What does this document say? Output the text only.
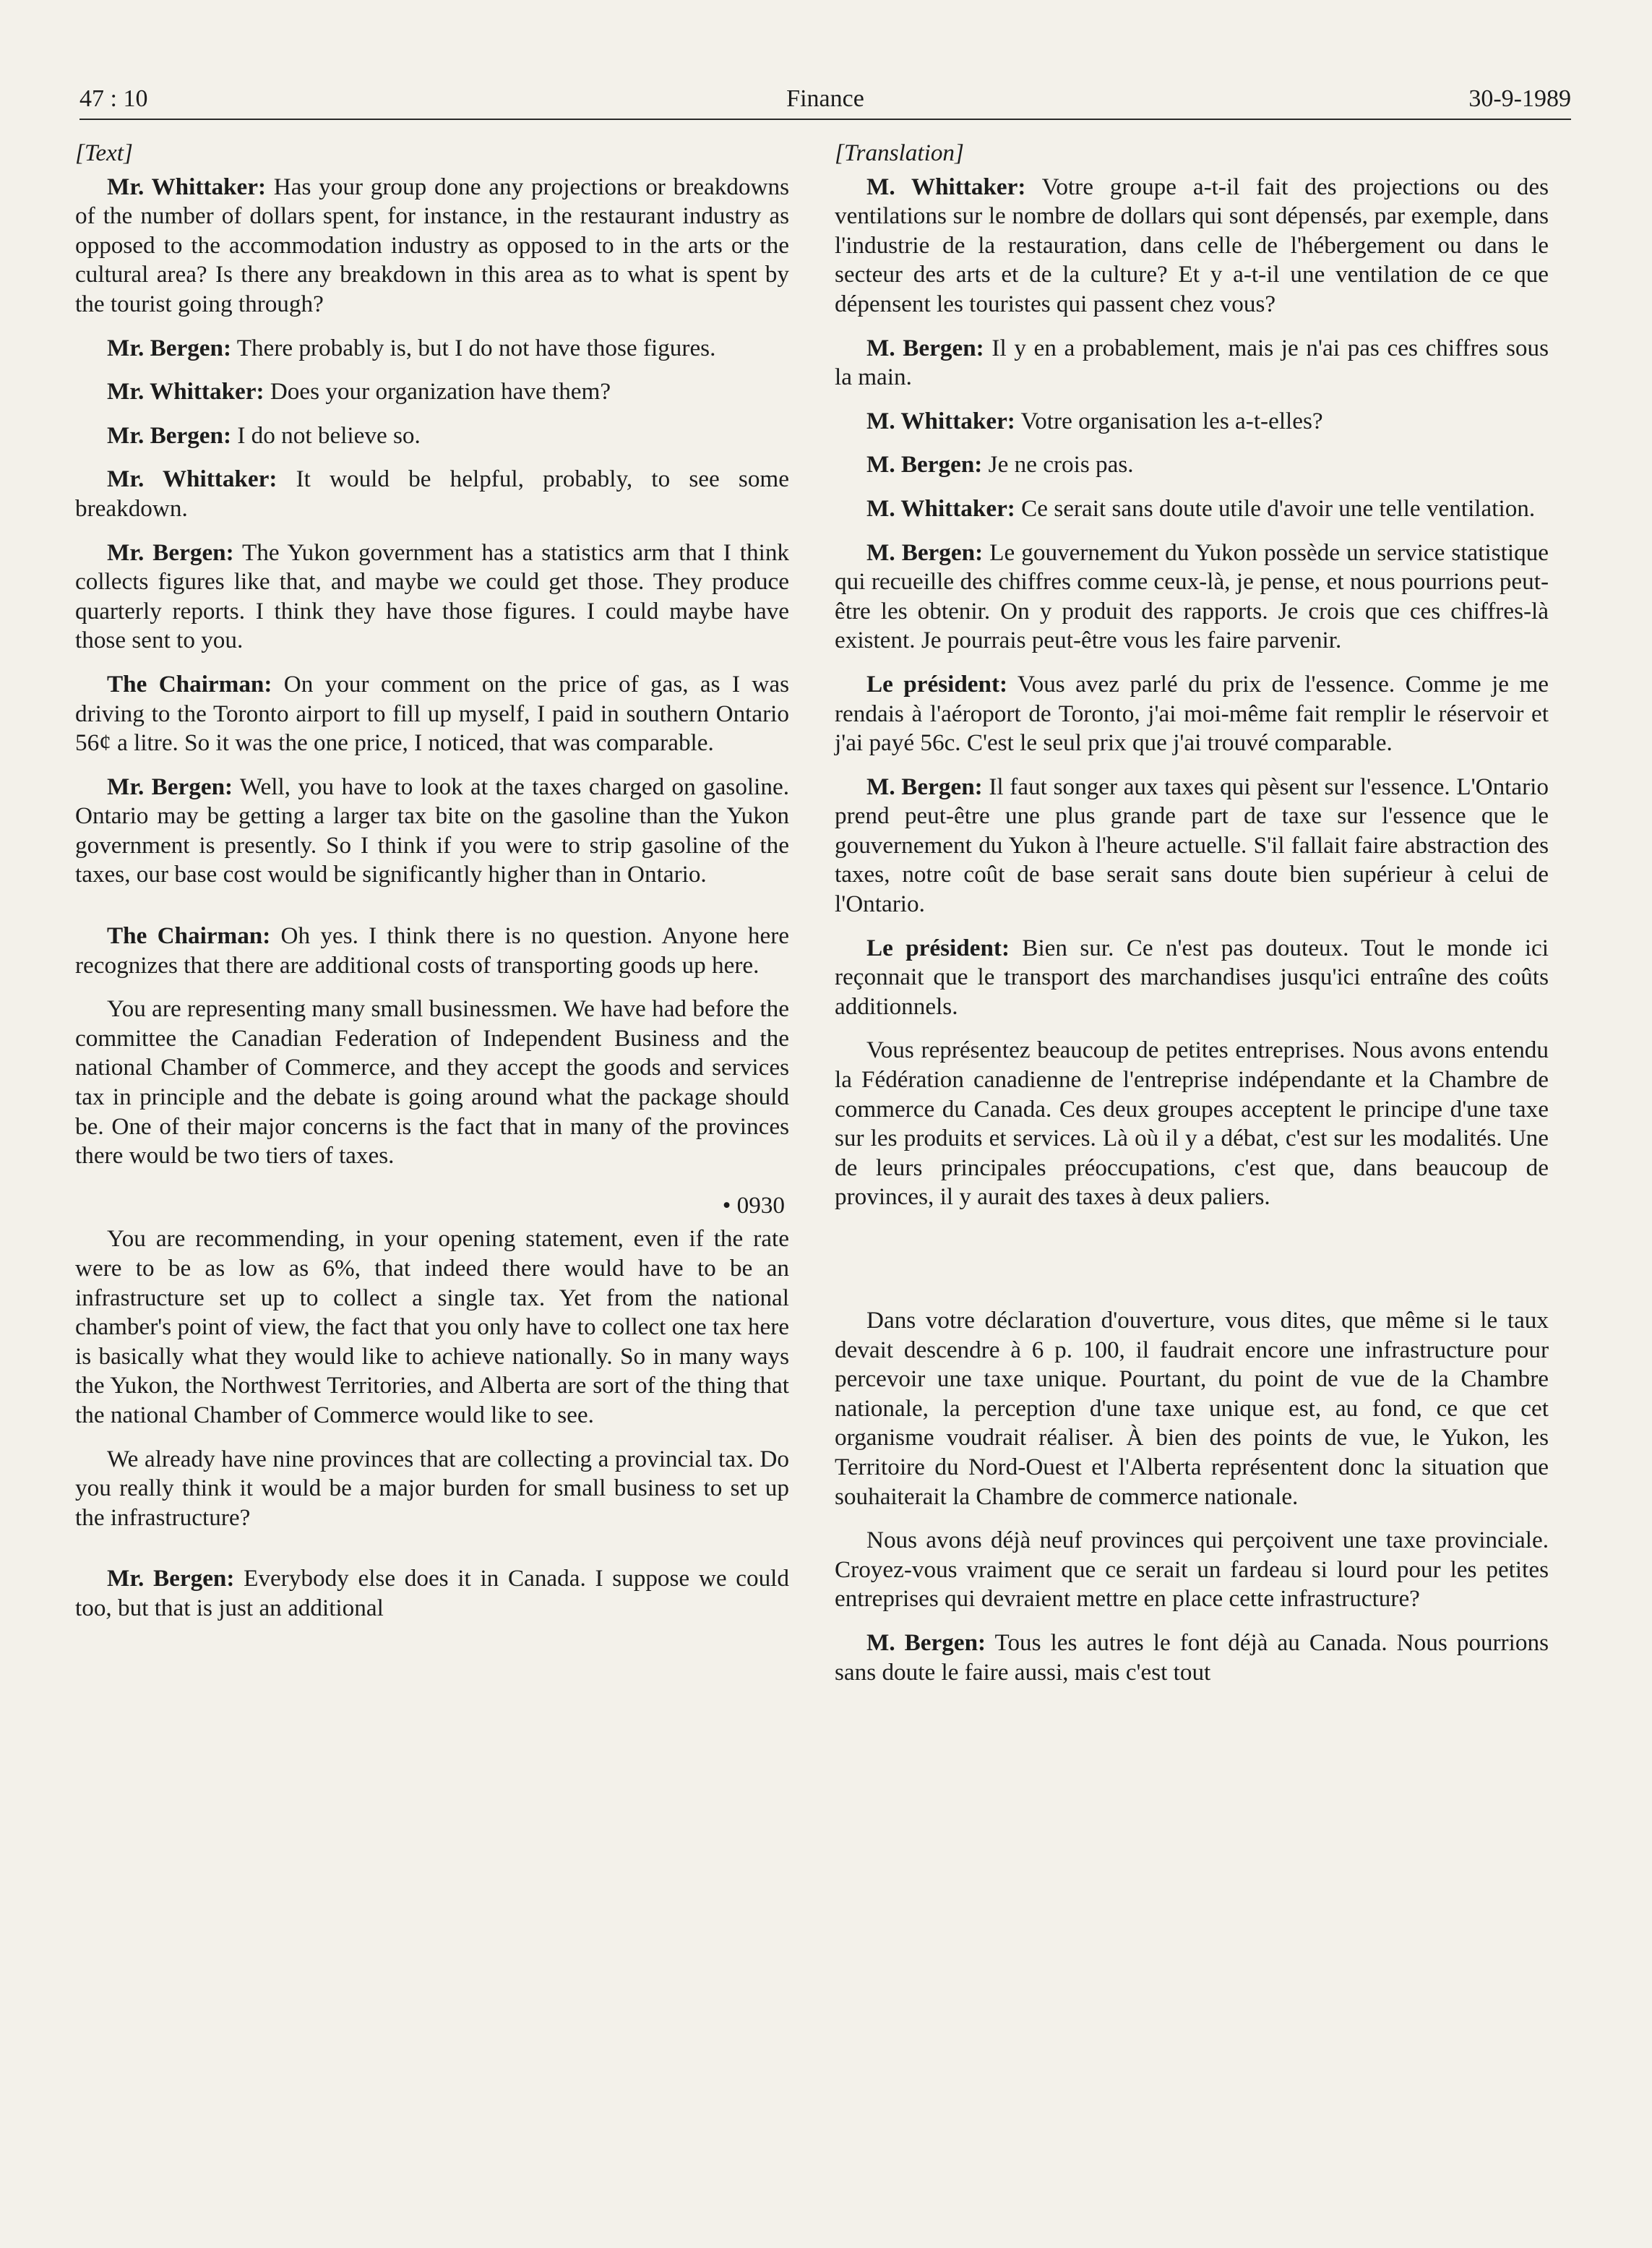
47 : 10	Finance	30-9-1989
[Text]

Mr. Whittaker: Has your group done any projections or breakdowns of the number of dollars spent, for instance, in the restaurant industry as opposed to the accommodation industry as opposed to in the arts or the cultural area? Is there any breakdown in this area as to what is spent by the tourist going through?

Mr. Bergen: There probably is, but I do not have those figures.

Mr. Whittaker: Does your organization have them?

Mr. Bergen: I do not believe so.

Mr. Whittaker: It would be helpful, probably, to see some breakdown.

Mr. Bergen: The Yukon government has a statistics arm that I think collects figures like that, and maybe we could get those. They produce quarterly reports. I think they have those figures. I could maybe have those sent to you.

The Chairman: On your comment on the price of gas, as I was driving to the Toronto airport to fill up myself, I paid in southern Ontario 56¢ a litre. So it was the one price, I noticed, that was comparable.

Mr. Bergen: Well, you have to look at the taxes charged on gasoline. Ontario may be getting a larger tax bite on the gasoline than the Yukon government is presently. So I think if you were to strip gasoline of the taxes, our base cost would be significantly higher than in Ontario.

The Chairman: Oh yes. I think there is no question. Anyone here recognizes that there are additional costs of transporting goods up here.

You are representing many small businessmen. We have had before the committee the Canadian Federation of Independent Business and the national Chamber of Commerce, and they accept the goods and services tax in principle and the debate is going around what the package should be. One of their major concerns is the fact that in many of the provinces there would be two tiers of taxes.

• 0930

You are recommending, in your opening statement, even if the rate were to be as low as 6%, that indeed there would have to be an infrastructure set up to collect a single tax. Yet from the national chamber's point of view, the fact that you only have to collect one tax here is basically what they would like to achieve nationally. So in many ways the Yukon, the Northwest Territories, and Alberta are sort of the thing that the national Chamber of Commerce would like to see.

We already have nine provinces that are collecting a provincial tax. Do you really think it would be a major burden for small business to set up the infrastructure?

Mr. Bergen: Everybody else does it in Canada. I suppose we could too, but that is just an additional

[Translation]

M. Whittaker: Votre groupe a-t-il fait des projections ou des ventilations sur le nombre de dollars qui sont dépensés, par exemple, dans l'industrie de la restauration, dans celle de l'hébergement ou dans le secteur des arts et de la culture? Et y a-t-il une ventilation de ce que dépensent les touristes qui passent chez vous?

M. Bergen: Il y en a probablement, mais je n'ai pas ces chiffres sous la main.

M. Whittaker: Votre organisation les a-t-elles?

M. Bergen: Je ne crois pas.

M. Whittaker: Ce serait sans doute utile d'avoir une telle ventilation.

M. Bergen: Le gouvernement du Yukon possède un service statistique qui recueille des chiffres comme ceux-là, je pense, et nous pourrions peut-être les obtenir. On y produit des rapports. Je crois que ces chiffres-là existent. Je pourrais peut-être vous les faire parvenir.

Le président: Vous avez parlé du prix de l'essence. Comme je me rendais à l'aéroport de Toronto, j'ai moi-même fait remplir le réservoir et j'ai payé 56c. C'est le seul prix que j'ai trouvé comparable.

M. Bergen: Il faut songer aux taxes qui pèsent sur l'essence. L'Ontario prend peut-être une plus grande part de taxe sur l'essence que le gouvernement du Yukon à l'heure actuelle. S'il fallait faire abstraction des taxes, notre coût de base serait sans doute bien supérieur à celui de l'Ontario.

Le président: Bien sur. Ce n'est pas douteux. Tout le monde ici reçonnait que le transport des marchandises jusqu'ici entraîne des coûts additionnels.

Vous représentez beaucoup de petites entreprises. Nous avons entendu la Fédération canadienne de l'entreprise indépendante et la Chambre de commerce du Canada. Ces deux groupes acceptent le principe d'une taxe sur les produits et services. Là où il y a débat, c'est sur les modalités. Une de leurs principales préoccupations, c'est que, dans beaucoup de provinces, il y aurait des taxes à deux paliers.

Dans votre déclaration d'ouverture, vous dites, que même si le taux devait descendre à 6 p. 100, il faudrait encore une infrastructure pour percevoir une taxe unique. Pourtant, du point de vue de la Chambre nationale, la perception d'une taxe unique est, au fond, ce que cet organisme voudrait réaliser. À bien des points de vue, le Yukon, les Territoire du Nord-Ouest et l'Alberta représentent donc la situation que souhaiterait la Chambre de commerce nationale.

Nous avons déjà neuf provinces qui perçoivent une taxe provinciale. Croyez-vous vraiment que ce serait un fardeau si lourd pour les petites entreprises qui devraient mettre en place cette infrastructure?

M. Bergen: Tous les autres le font déjà au Canada. Nous pourrions sans doute le faire aussi, mais c'est tout
